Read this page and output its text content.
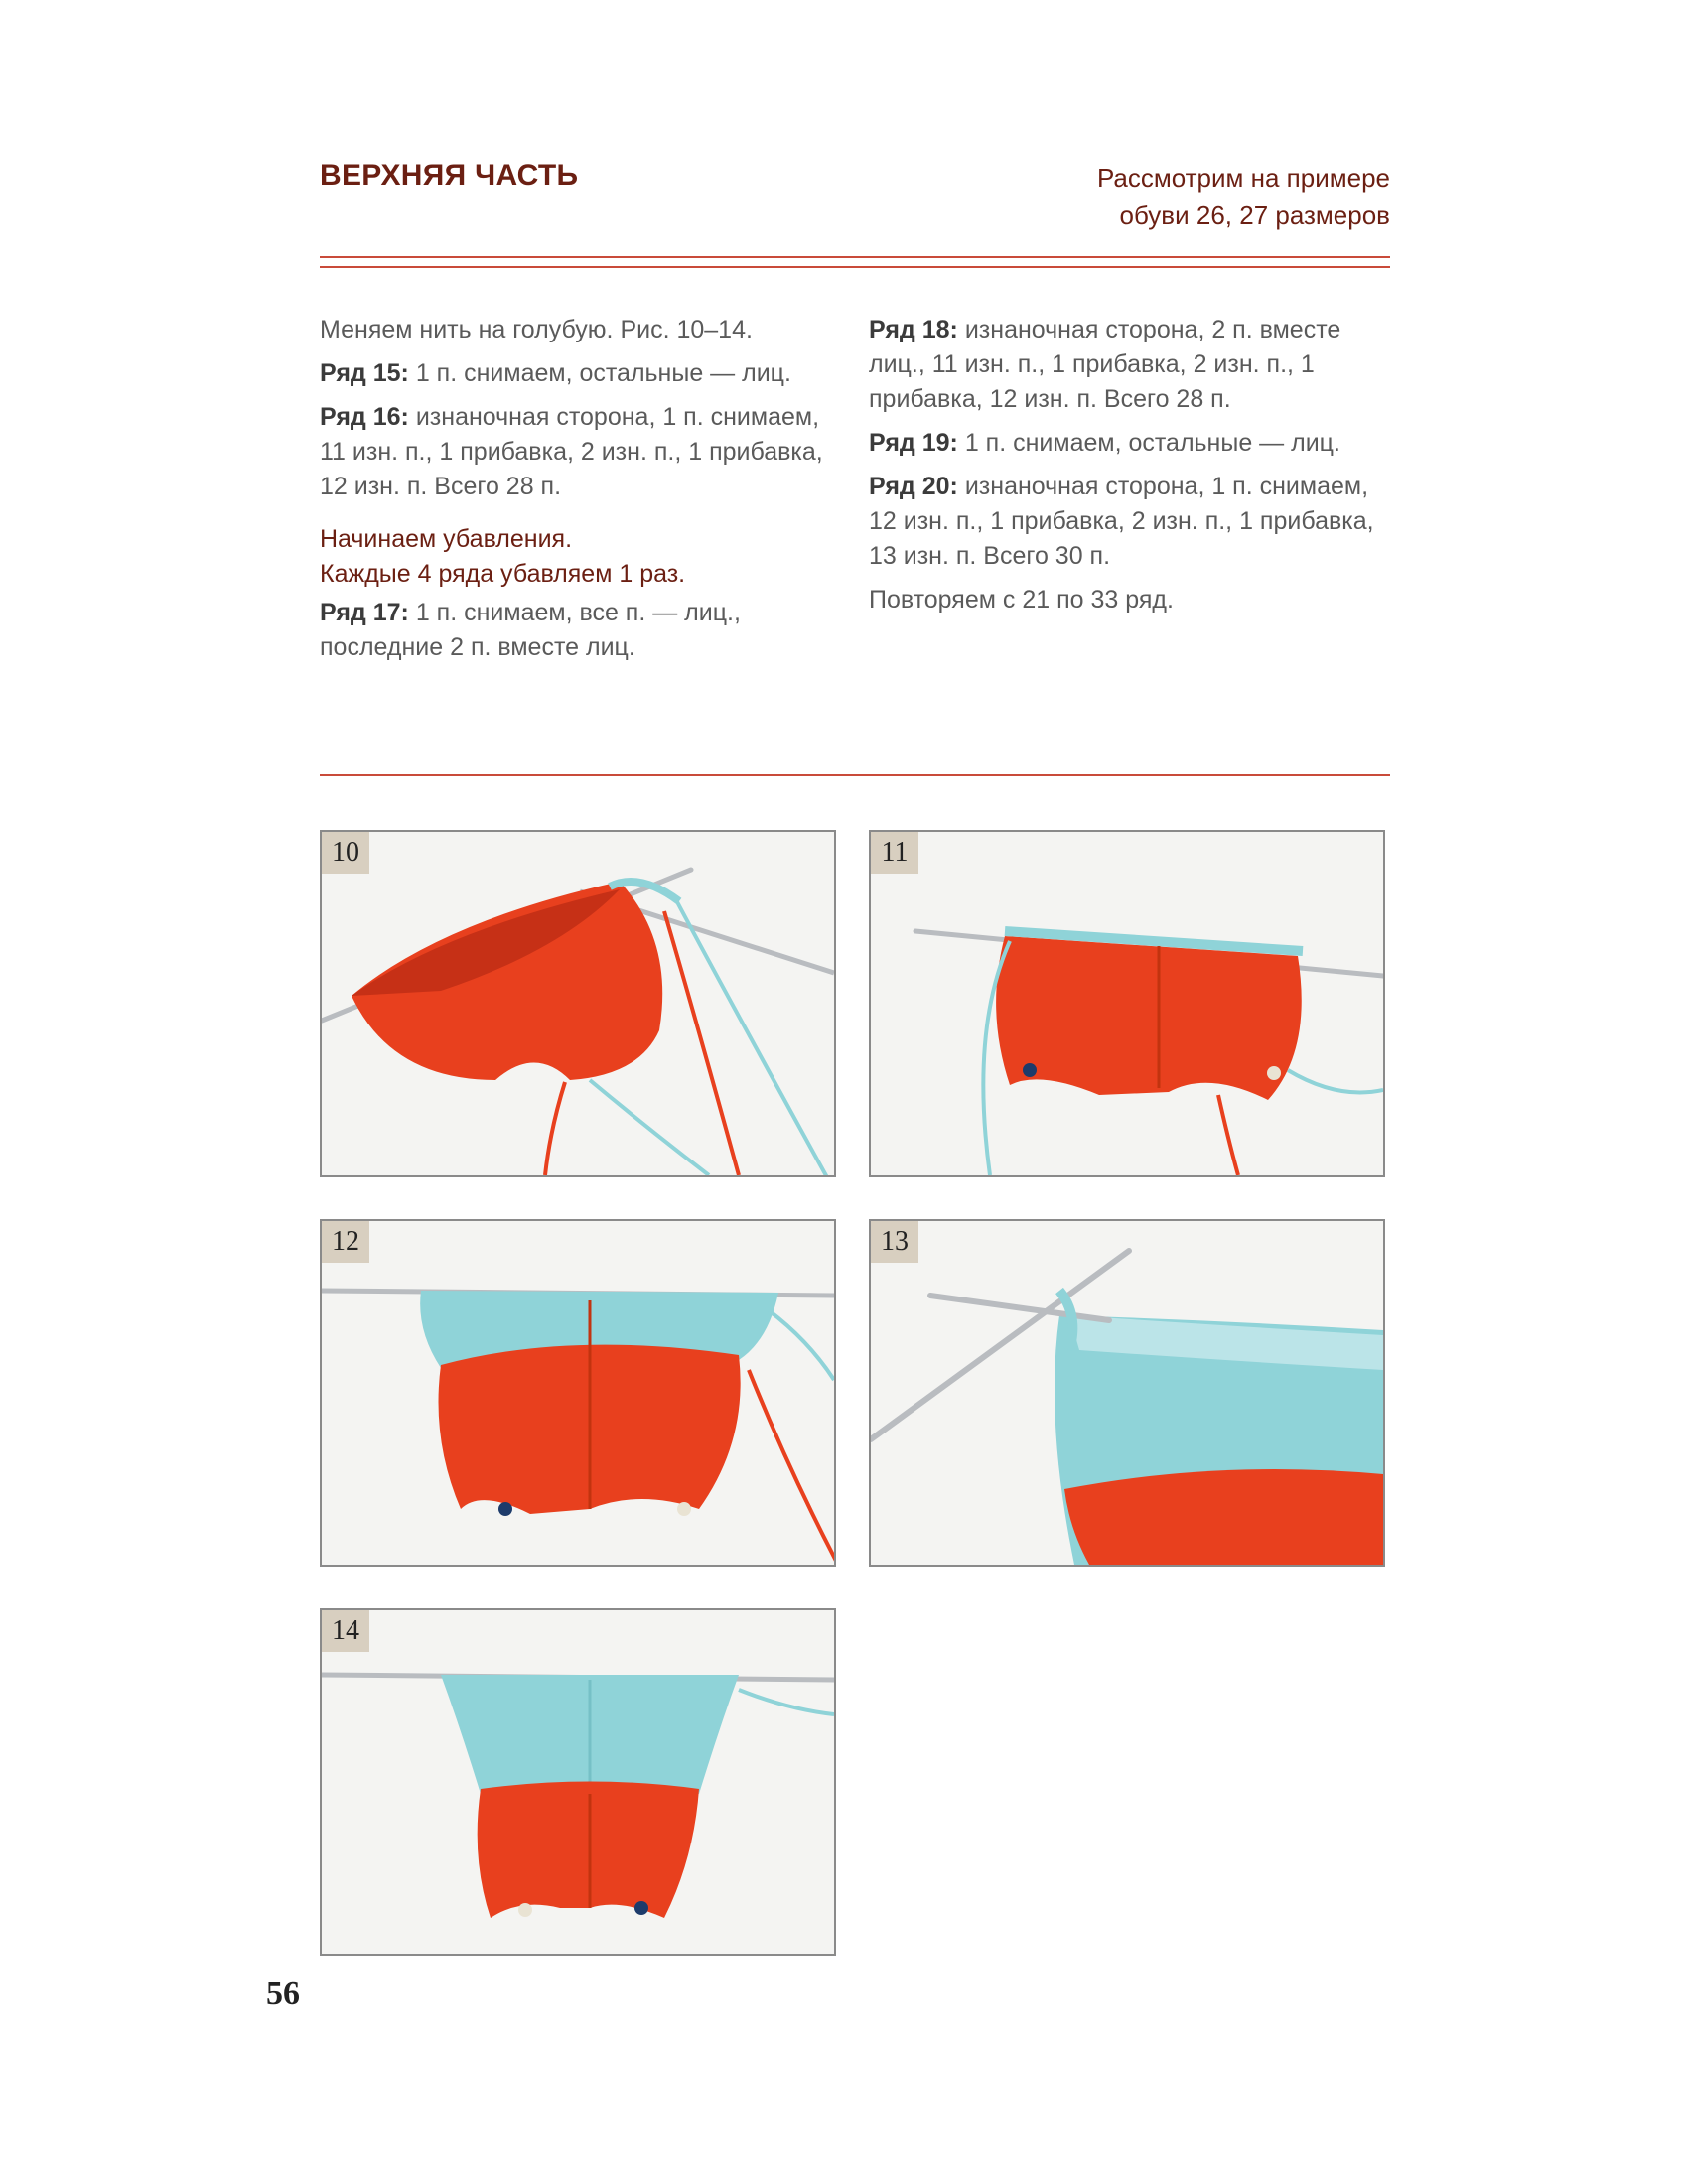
ВЕРХНЯЯ ЧАСТЬ	Рассмотрим на примере
обуви 26, 27 размеров

Меняем нить на голубую. Рис. 10–14.

Ряд 15: 1 п. снимаем, остальные — лиц.

Ряд 16: изнаночная сторона, 1 п. снимаем, 11 изн. п., 1 прибавка, 2 изн. п., 1 прибавка, 12 изн. п. Всего 28 п.

Начинаем убавления.

Каждые 4 ряда убавляем 1 раз.

Ряд 17: 1 п. снимаем, все п. — лиц., последние 2 п. вместе лиц.

Ряд 18: изнаночная сторона, 2 п. вместе лиц., 11 изн. п., 1 прибавка, 2 изн. п., 1 прибавка, 12 изн. п. Всего 28 п.

Ряд 19: 1 п. снимаем, остальные — лиц.

Ряд 20: изнаночная сторона, 1 п. снимаем, 12 изн. п., 1 прибавка, 2 изн. п., 1 прибавка, 13 изн. п. Всего 30 п.

Повторяем с 21 по 33 ряд.

10	11
12	13
14
56
